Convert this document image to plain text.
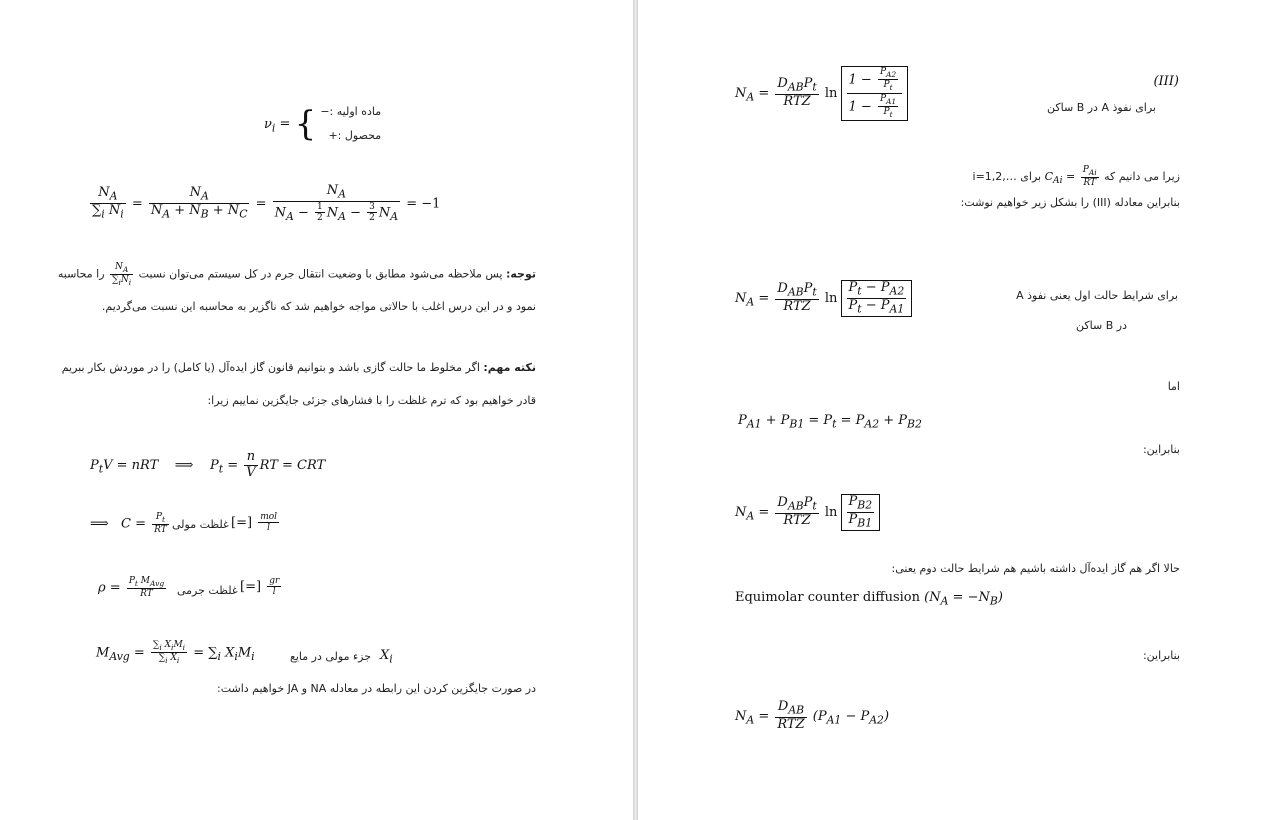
$\nu_i$ = { ماده اولیه :−
محصول :+
$\frac{N_A}{\sum_i N_i} = \frac{N_A}{N_A + N_B + N_C} = \frac{N_A}{N_A - \frac{1}{2} N_A - \frac{3}{2} N_A} = -1$
توجه: پس ملاحظه می‌شود مطابق با وضعیت انتقال جرم در کل سیستم می‌توان نسبت
$\frac{N_A}{\sum_iN_i}$
را محاسبه
نمود و در این درس اغلب با حالاتی مواجه خواهیم شد که ناگزیر به محاسبه این نسبت می‌گردیم.
نکته مهم: اگر مخلوط ما حالت گازی باشد و بتوانیم قانون گاز ایده‌آل (یا کامل) را در موردش بکار ببریم
قادر خواهیم بود که ترم غلظت را با فشارهای جزئی جایگزین نماییم زیرا:
$P_tV$ = nRT    ⟹    $P_t = \frac{n}{V}$ RT = CRT
⟹   $C = \frac{P_t}{RT}$ غلظت مولی [=] $\frac{\text{mol}}{l}$
$\rho = \frac{P_t M_{Avg}}{RT}$ غلظت جرمی [=] $\frac{gr}{l}$
$M_{Avg} = \frac{\sum_i X_iM_i}{\sum_i X_i} = \sum_i$ $X_iM_i$	جزء مولی در مایع $X_i$
در صورت جایگزین کردن این رابطه در معادله NA و JA خواهیم داشت:
$N_A = \frac{D_{AB}P_t}{\text{RTZ}}$ $\ln \frac{1 - \frac{P_{A2}}{P_t}}{1 - \frac{P_{A1}}{P_t}}$	(III)
برای نفوذ A در B ساکن
زیرا می دانیم که $C_{Ai} = \frac{P_{Ai}}{RT}$
برای i=1,2,…
بنابراین معادله (III) را بشکل زیر خواهیم نوشت:
$N_A = \frac{D_{AB}P_t}{\text{RTZ}}$ $\ln \frac{P_t - P_{A2}}{P_t - P_{A1}}$	برای شرایط حالت اول یعنی نفوذ A
در B ساکن
اما
$P_{A1} + P_{B1} = P_t = P_{A2} + P_{B2}$
بنابراین:
$N_A = \frac{D_{AB}P_t}{\text{RTZ}}$ $\ln \frac{P_{B2}}{P_{B1}}$
حالا اگر هم گاز ایده‌آل داشته باشیم هم شرایط حالت دوم یعنی:
Equimolar counter diffusion $(N_A = -N_B)$
بنابراین:
$N_A = \frac{D_{AB}}{\text{RTZ}} (P_{A1} - P_{A2})$
